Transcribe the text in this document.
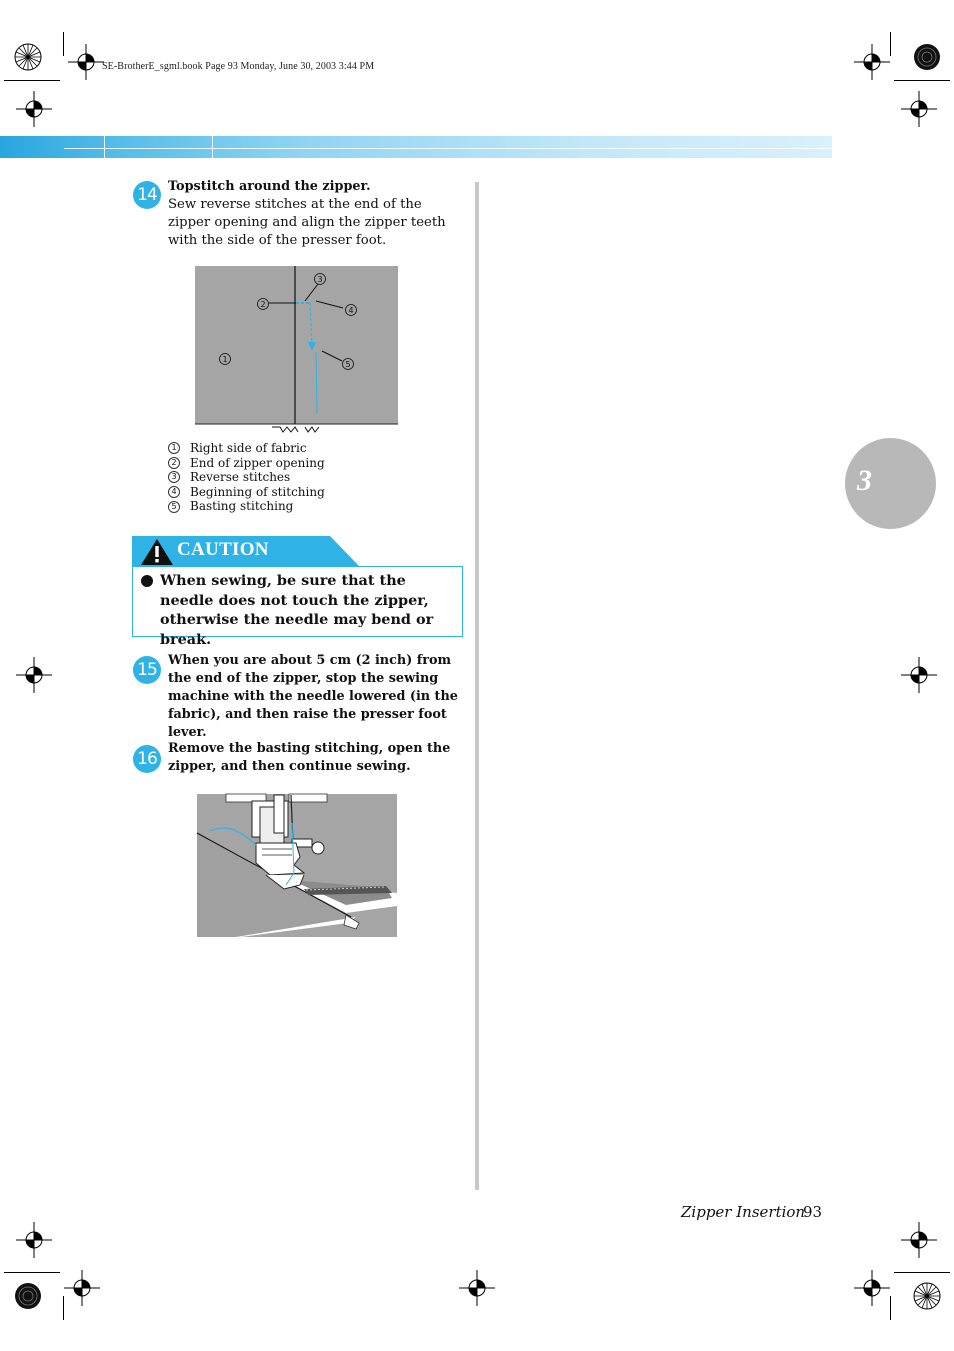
SE-BrotherE_sgml.book Page 93 Monday, June 30, 2003 3:44 PM
14 Topstitch around the zipper.
Sew reverse stitches at the end of the zipper opening and align the zipper teeth with the side of the presser foot.
1
2
3
4
5
1 Right side of fabric
2 End of zipper opening
3 Reverse stitches
4 Beginning of stitching
5 Basting stitching
CAUTION
When sewing, be sure that the needle does not touch the zipper, otherwise the needle may bend or break.
15 When you are about 5 cm (2 inch) from the end of the zipper, stop the sewing machine with the needle lowered (in the fabric), and then raise the presser foot lever.
16
Remove the basting stitching, open the zipper, and then continue sewing.
3
Zipper Insertion
93
